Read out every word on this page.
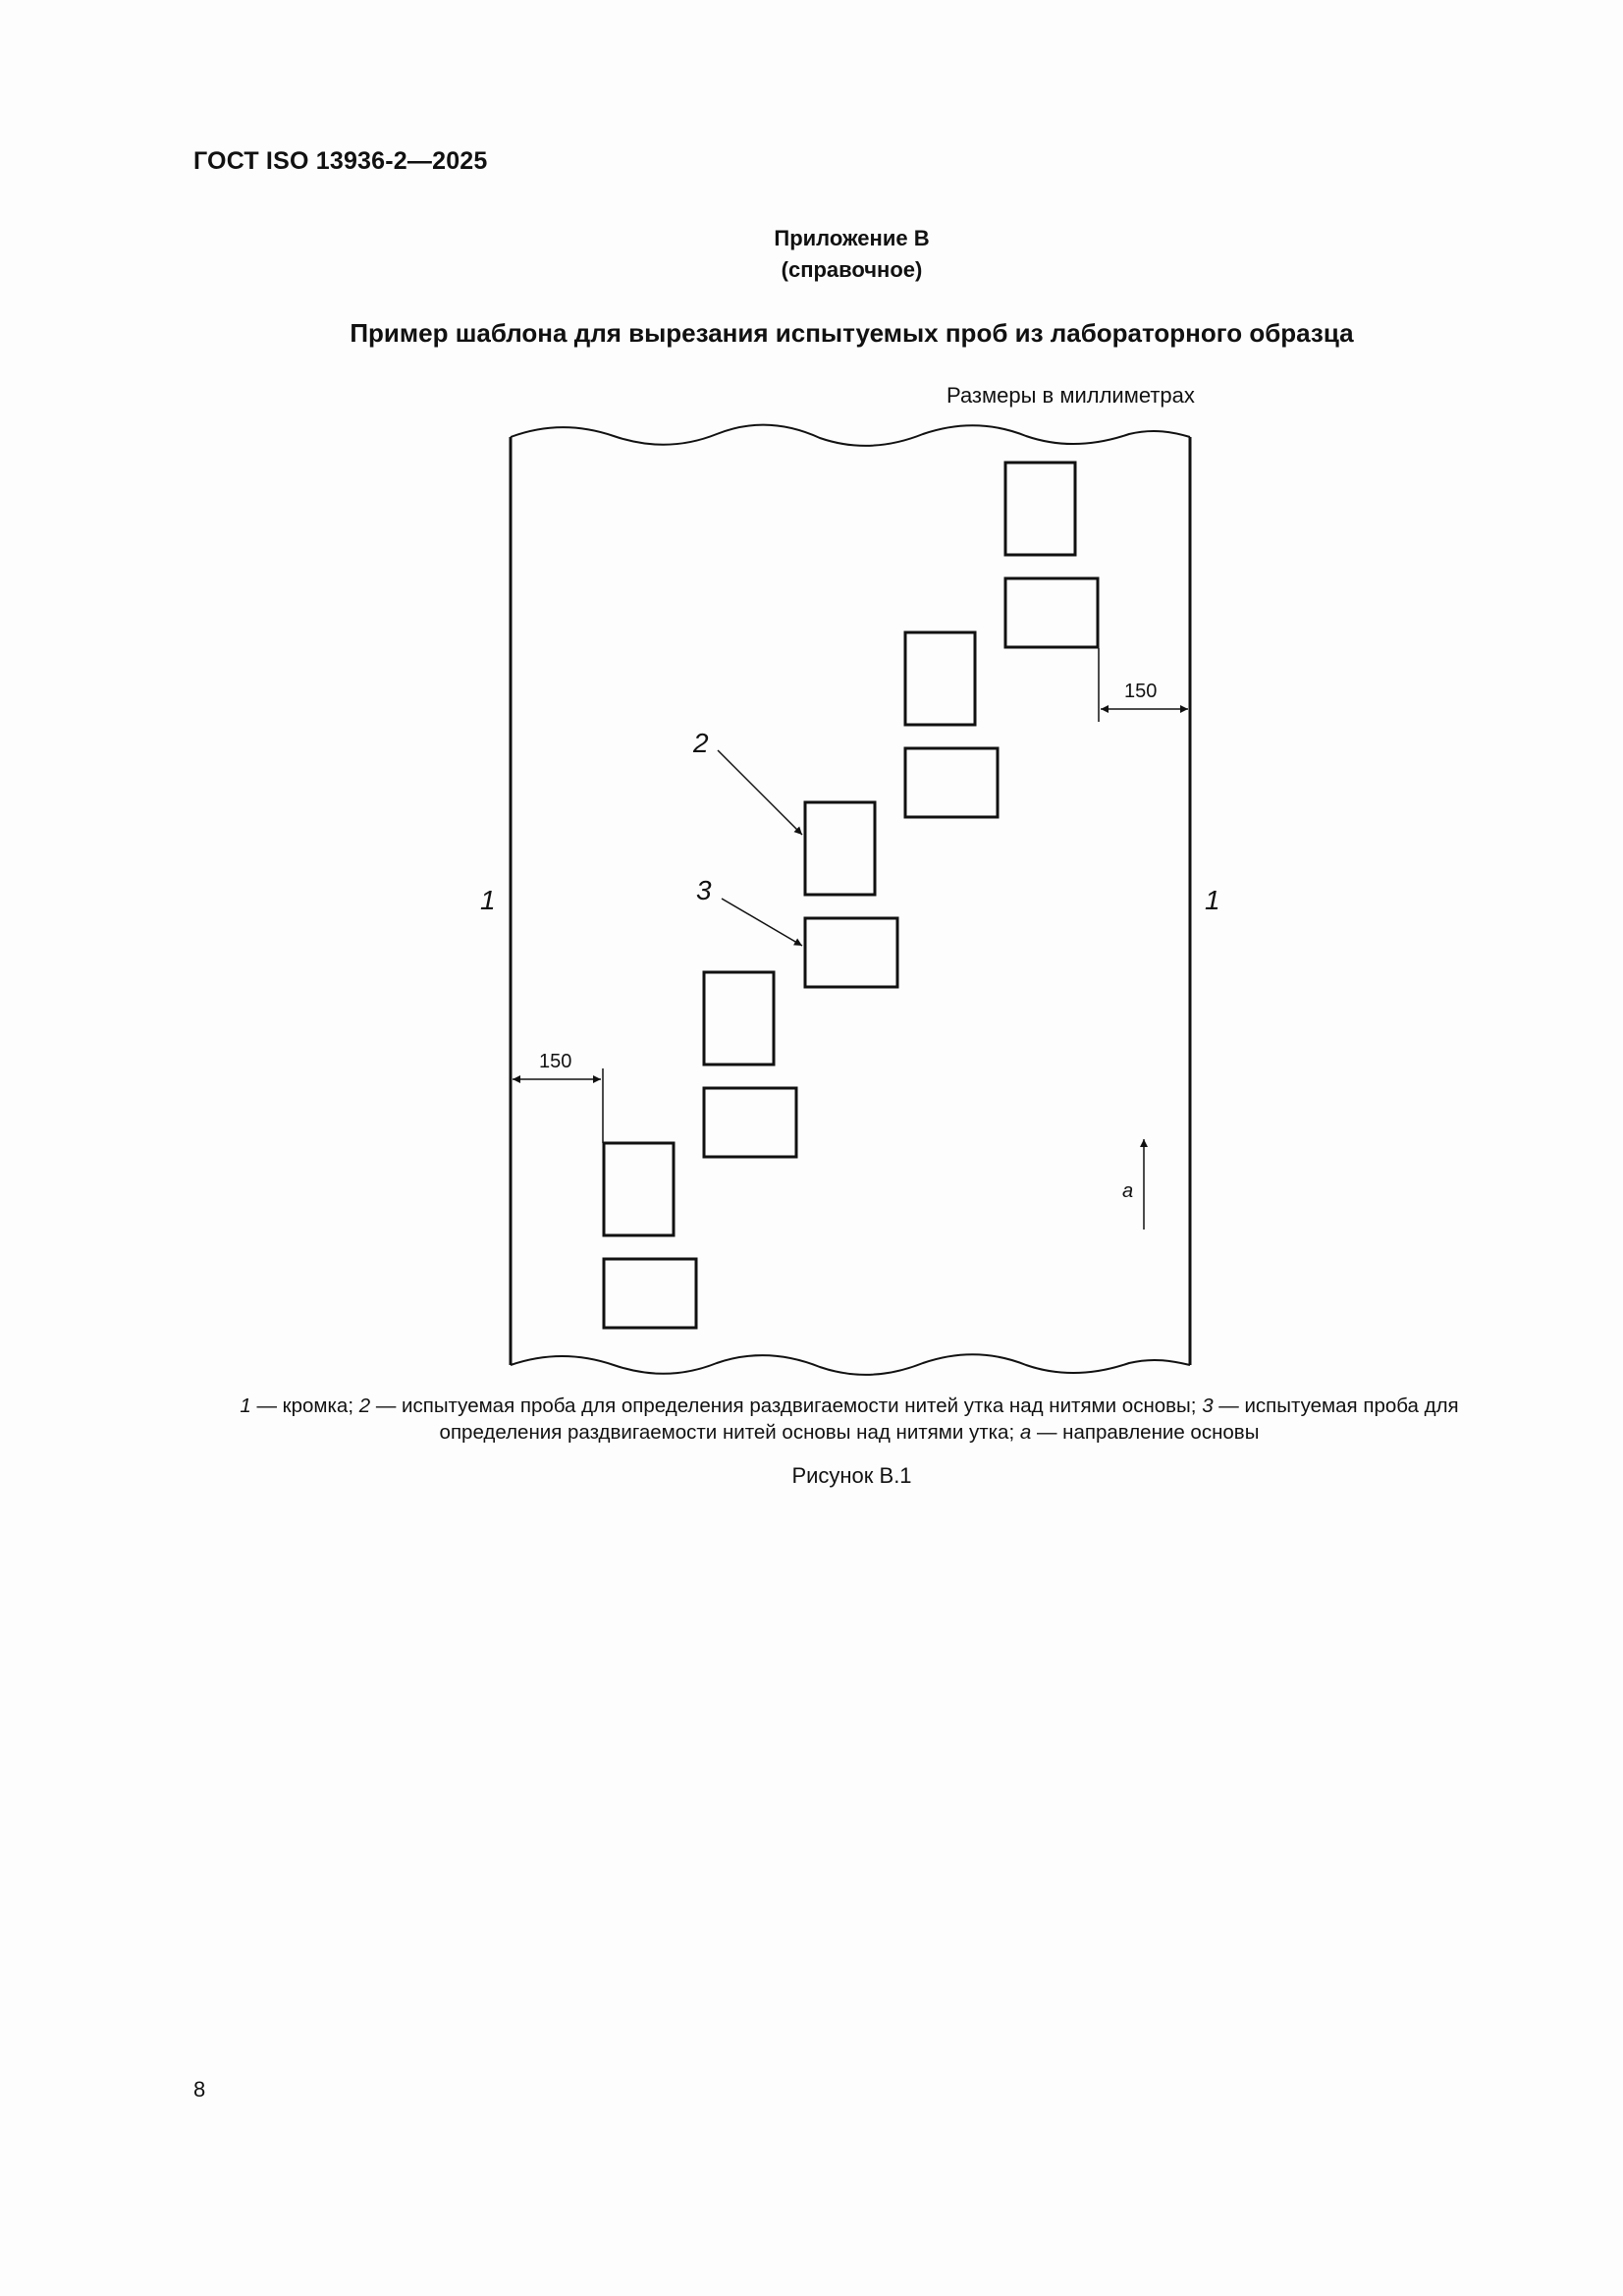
ГОСТ ISO 13936-2—2025
Приложение В
(справочное)
Пример шаблона для вырезания испытуемых проб из лабораторного образца
Размеры в миллиметрах
150
150
2
3
1	1
a
1 — кромка; 2 — испытуемая проба для определения раздвигаемости нитей утка над нитями основы; 3 — испытуемая проба для определения раздвигаемости нитей основы над нитями утка; a — направление основы
Рисунок В.1
8
